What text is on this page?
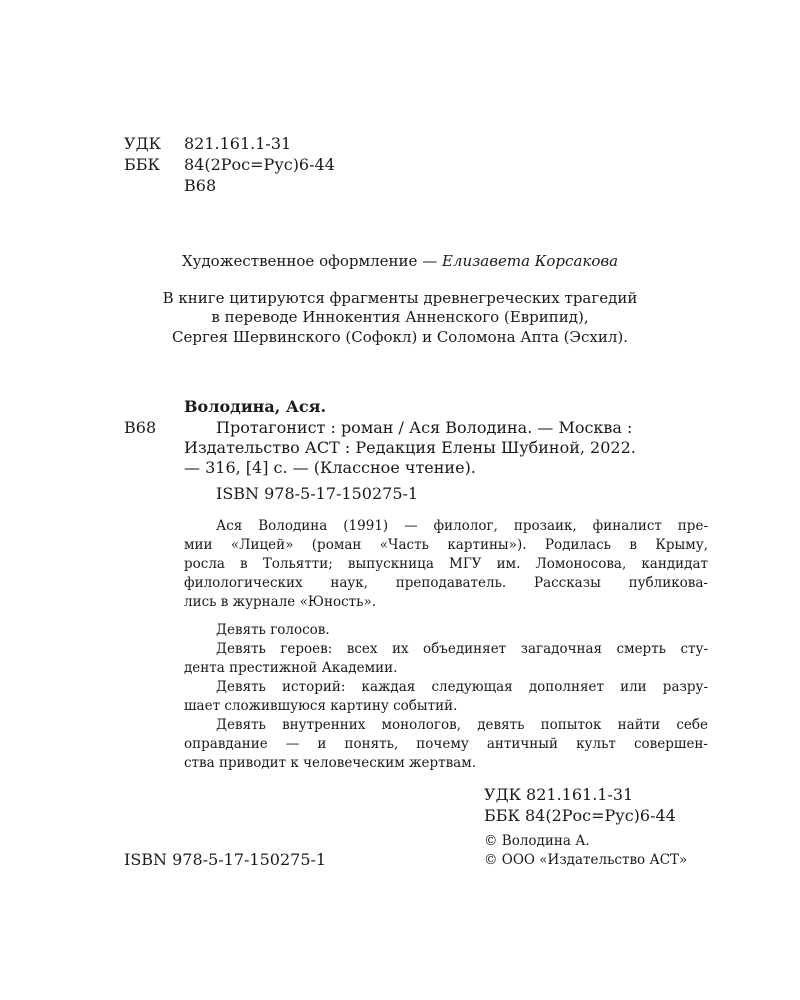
УДК 821.161.1-31
ББК 84(2Рос=Рус)6-44
В68
Художественное оформление — Елизавета Корсакова
В книге цитируются фрагменты древнегреческих трагедий
в переводе Иннокентия Анненского (Еврипид),
Сергея Шервинского (Софокл) и Соломона Апта (Эсхил).
Володина, Ася.
В68	Протагонист : роман / Ася Володина. — Москва :
Издательство АСТ : Редакция Елены Шубиной, 2022.
— 316, [4] с. — (Классное чтение).
ISBN 978-5-17-150275-1
Ася Володина (1991) — филолог, прозаик, финалист пре-
мии «Лицей» (роман «Часть картины»). Родилась в Крыму,
росла в Тольятти; выпускница МГУ им. Ломоносова, кандидат
филологических наук, преподаватель. Рассказы публикова-
лись в журнале «Юность».
Девять голосов.
Девять героев: всех их объединяет загадочная смерть сту-
дента престижной Академии.
Девять историй: каждая следующая дополняет или разру-
шает сложившуюся картину событий.
Девять внутренних монологов, девять попыток найти себе
оправдание — и понять, почему античный культ совершен-
ства приводит к человеческим жертвам.
УДК 821.161.1-31
ББК 84(2Рос=Рус)6-44
© Володина А.
© ООО «Издательство АСТ»
ISBN 978-5-17-150275-1
